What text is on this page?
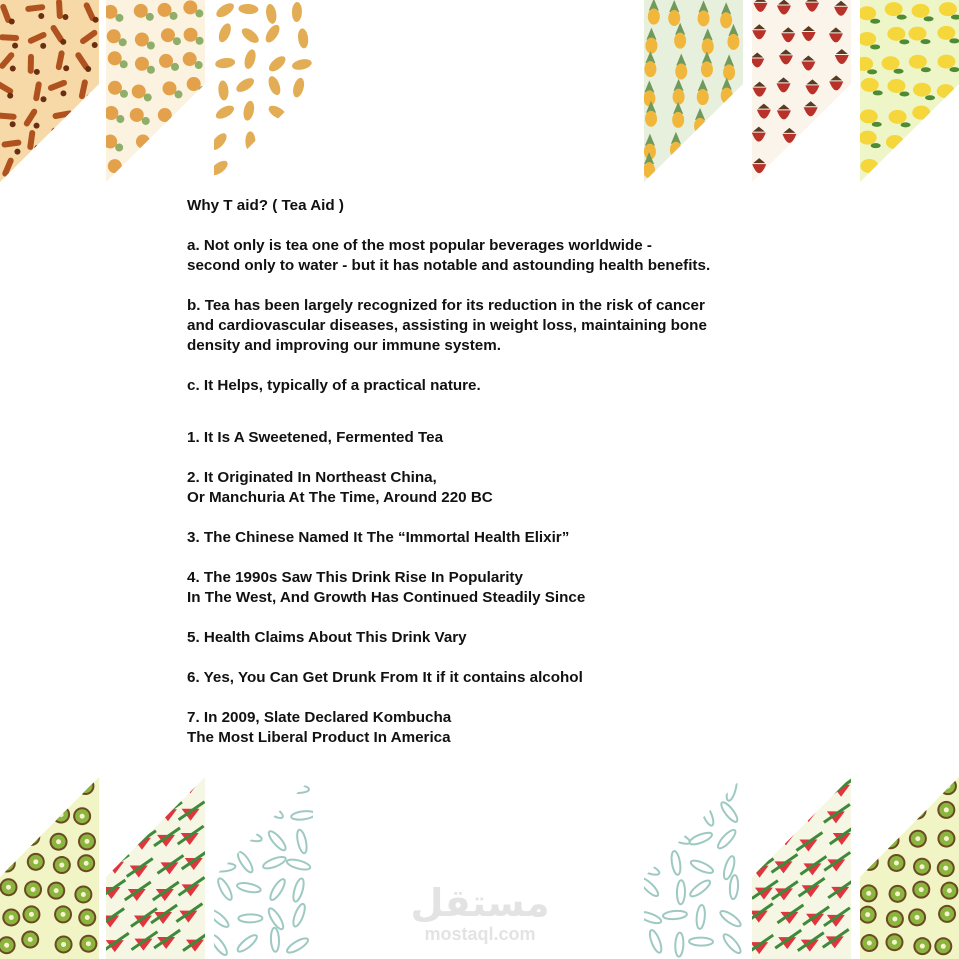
Why T aid? ( Tea Aid )

a. Not only is tea one of the most popular beverages worldwide -
second only to water - but it has notable and astounding health benefits.

b. Tea has been largely recognized for its reduction in the risk of cancer
and cardiovascular diseases, assisting in weight loss, maintaining bone
density and improving our immune system.

c. It Helps, typically of a practical nature.

1. It Is A Sweetened, Fermented Tea

2. It Originated In Northeast China,
Or Manchuria At The Time, Around 220 BC

3. The Chinese Named It The “Immortal Health Elixir”

4. The 1990s Saw This Drink Rise In Popularity
In The West, And Growth Has Continued Steadily Since

5. Health Claims About This Drink Vary

6. Yes, You Can Get Drunk From It if it contains alcohol

7. In 2009, Slate Declared Kombucha
The Most Liberal Product In America

مستقل
mostaql.com
